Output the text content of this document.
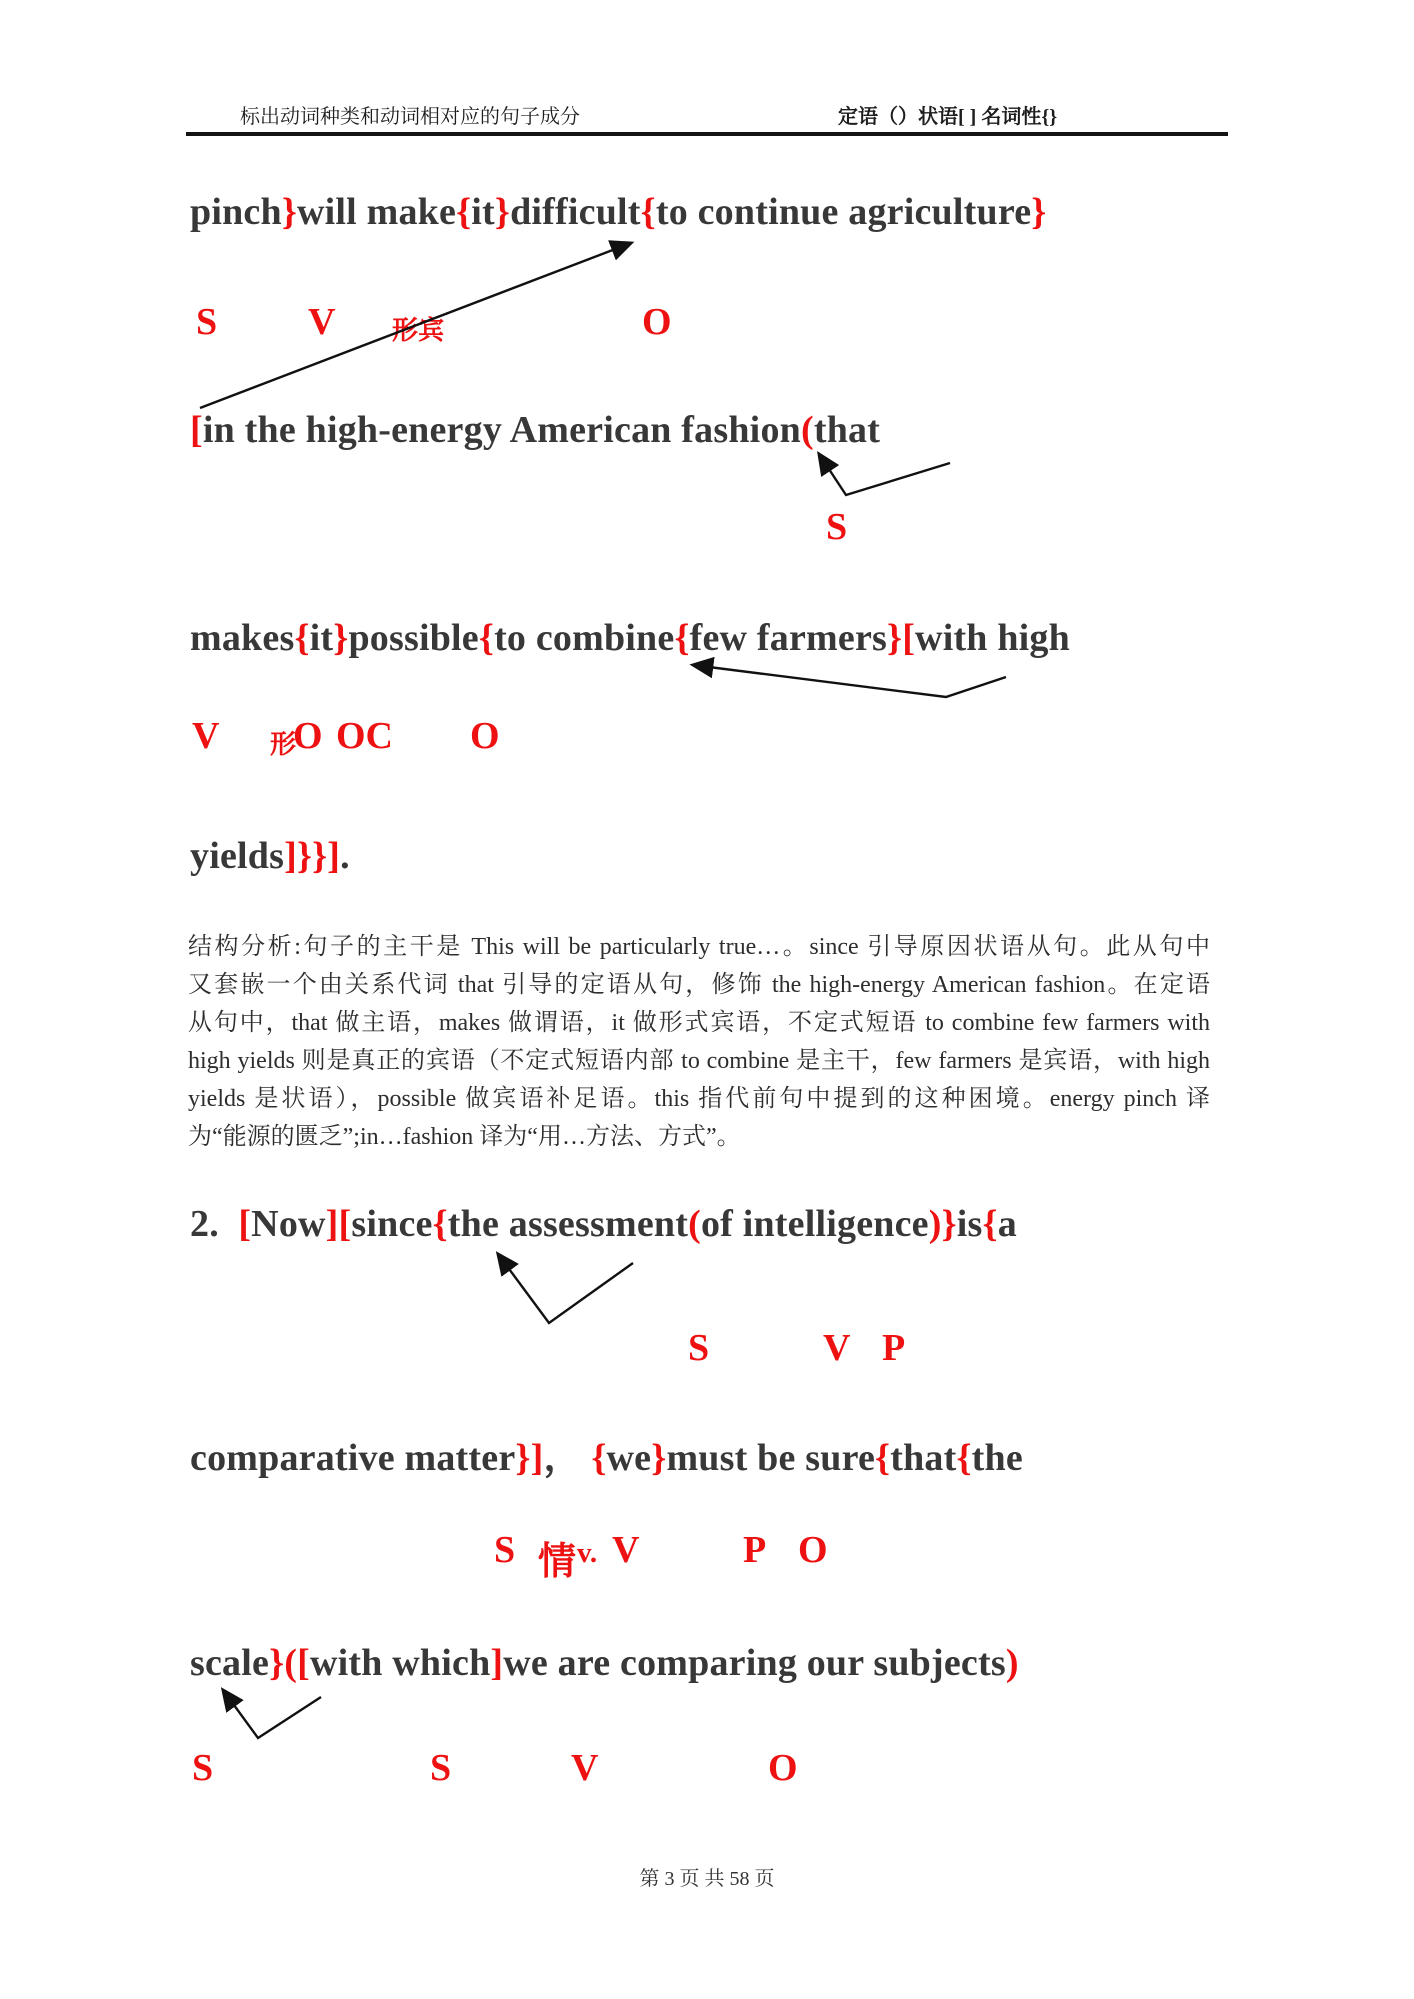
标出动词种类和动词相对应的句子成分	定语（）状语[ ] 名词性{}
pinch}will make{it}difficult{to continue agriculture}
S V 形宾	O
[in the high-energy American fashion(that
S
makes{it}possible{to combine{few farmers}[with high
V 形
O OC O
yields]}}].
结构分析:句子的主干是 This will be particularly true…。since 引导原因状语从句。此从句中
又套嵌一个由关系代词 that 引导的定语从句，修饰 the high-energy American fashion。在定语
从句中，that 做主语，makes 做谓语，it 做形式宾语，不定式短语 to combine few farmers with
high yields 则是真正的宾语（不定式短语内部 to combine 是主干，few farmers 是宾语，with high
yields 是状语），possible 做宾语补足语。this 指代前句中提到的这种困境。energy pinch 译
为“能源的匮乏”;in…fashion 译为“用…方法、方式”。
2.  [Now][since{the assessment(of intelligence)}is{a
S	V P
comparative matter}]， {we}must be sure{that{the
S 情 v. V	P O
scale}([with which]we are comparing our subjects)
S	S	V	O
第 3 页 共 58 页
